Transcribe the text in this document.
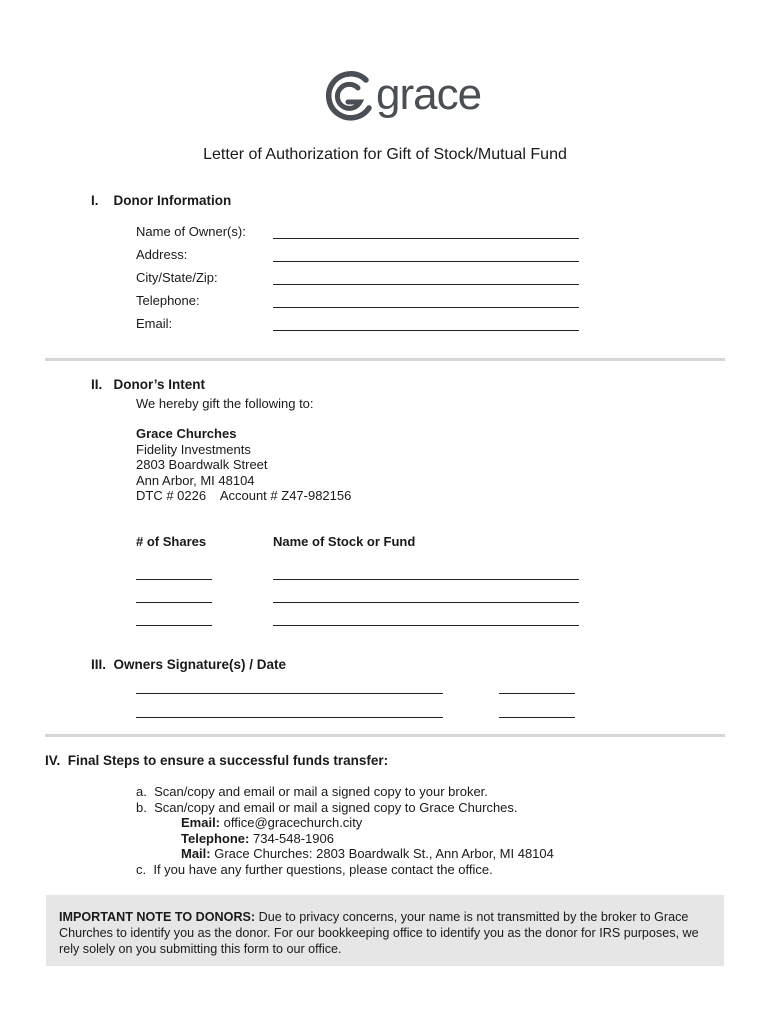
grace
Letter of Authorization for Gift of Stock/Mutual Fund
I.    Donor Information
Name of Owner(s):
Address:
City/State/Zip:
Telephone:
Email:
II.   Donor’s Intent
We hereby gift the following to:
Grace Churches
Fidelity Investments
2803 Boardwalk Street
Ann Arbor, MI 48104
DTC # 0226    Account # Z47-982156
# of Shares	Name of Stock or Fund
III.  Owners Signature(s) / Date
IV.  Final Steps to ensure a successful funds transfer:
a.  Scan/copy and email or mail a signed copy to your broker.
b.  Scan/copy and email or mail a signed copy to Grace Churches.
Email: office@gracechurch.city
Telephone: 734-548-1906
Mail: Grace Churches: 2803 Boardwalk St., Ann Arbor, MI 48104
c.  If you have any further questions, please contact the office.
IMPORTANT NOTE TO DONORS: Due to privacy concerns, your name is not transmitted by the broker to Grace Churches to identify you as the donor. For our bookkeeping office to identify you as the donor for IRS purposes, we rely solely on you submitting this form to our office.
